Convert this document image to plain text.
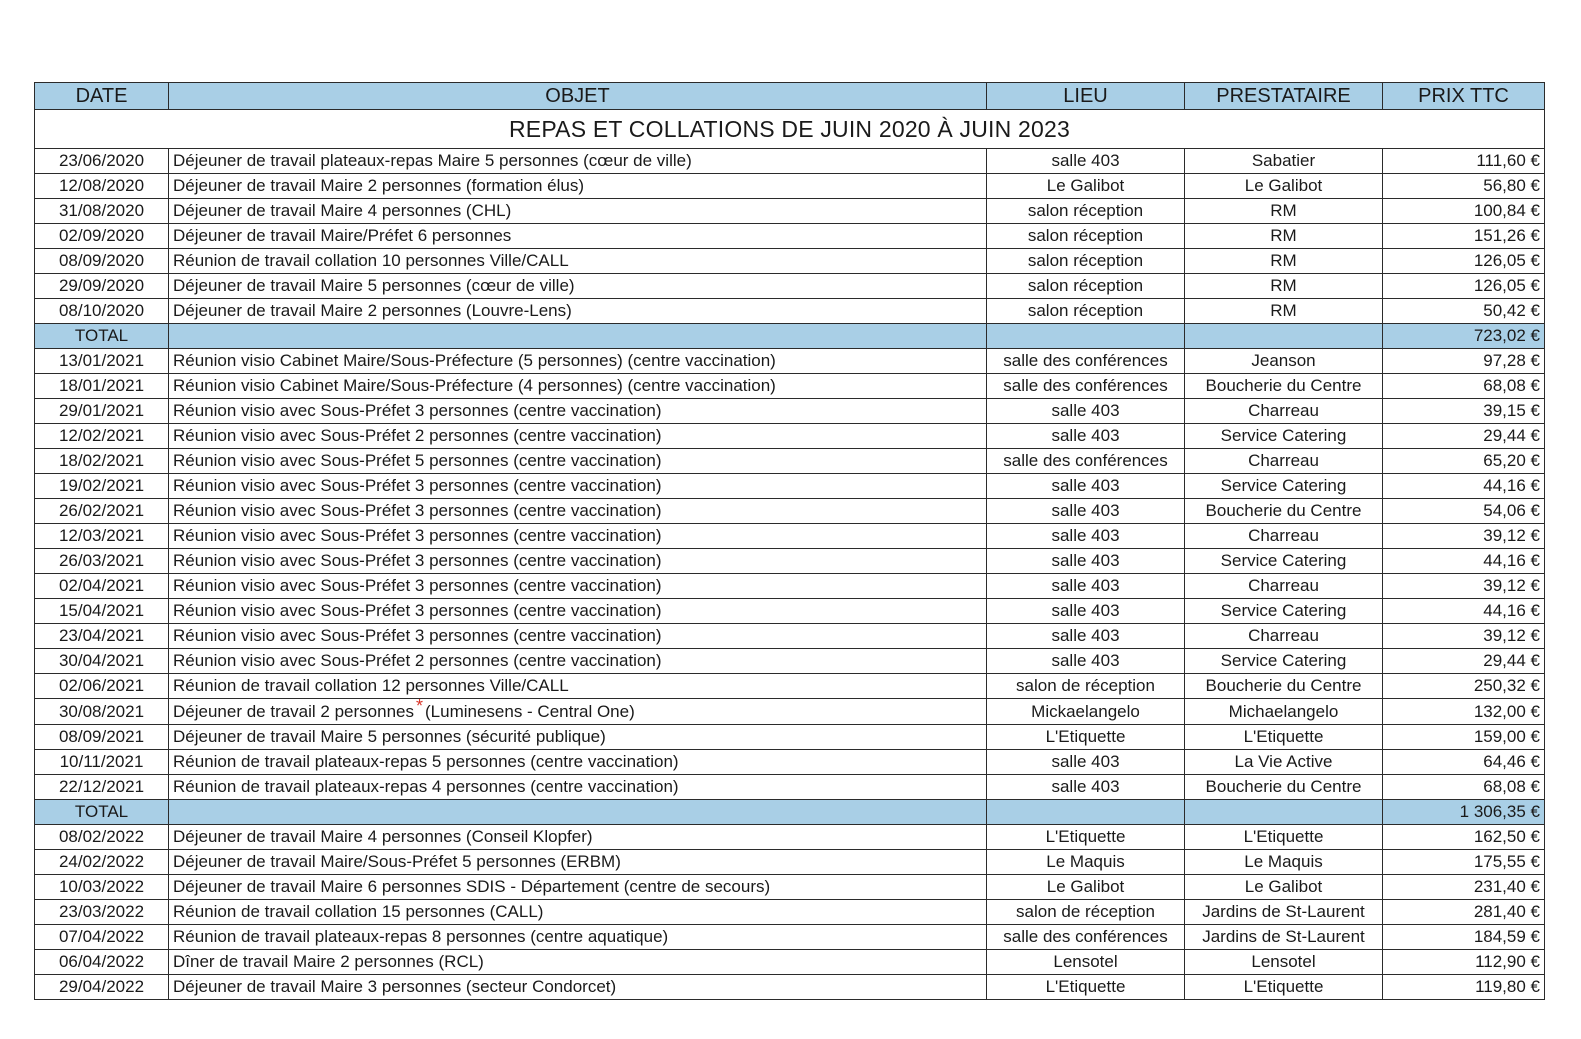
REPAS ET COLLATIONS DE JUIN 2020 À JUIN 2023				
DATE	OBJET	LIEU	PRESTATAIRE	PRIX TTC
23/06/2020	Déjeuner de travail plateaux-repas Maire 5 personnes (cœur de ville)	salle 403	Sabatier	111,60 €
12/08/2020	Déjeuner de travail Maire 2 personnes (formation élus)	Le Galibot	Le Galibot	56,80 €
31/08/2020	Déjeuner de travail Maire 4 personnes (CHL)	salon réception	RM	100,84 €
02/09/2020	Déjeuner de travail Maire/Préfet 6 personnes	salon réception	RM	151,26 €
08/09/2020	Réunion de travail collation 10 personnes Ville/CALL	salon réception	RM	126,05 €
29/09/2020	Déjeuner de travail Maire 5 personnes (cœur de ville)	salon réception	RM	126,05 €
08/10/2020	Déjeuner de travail Maire 2 personnes (Louvre-Lens)	salon réception	RM	50,42 €
TOTAL				723,02 €
13/01/2021	Réunion visio Cabinet Maire/Sous-Préfecture (5 personnes) (centre vaccination)	salle des conférences	Jeanson	97,28 €
18/01/2021	Réunion visio Cabinet Maire/Sous-Préfecture (4 personnes) (centre vaccination)	salle des conférences	Boucherie du Centre	68,08 €
29/01/2021	Réunion visio avec Sous-Préfet 3 personnes (centre vaccination)	salle 403	Charreau	39,15 €
12/02/2021	Réunion visio avec Sous-Préfet 2 personnes (centre vaccination)	salle 403	Service Catering	29,44 €
18/02/2021	Réunion visio avec Sous-Préfet 5 personnes (centre vaccination)	salle des conférences	Charreau	65,20 €
19/02/2021	Réunion visio avec Sous-Préfet 3 personnes (centre vaccination)	salle 403	Service Catering	44,16 €
26/02/2021	Réunion visio avec Sous-Préfet 3 personnes (centre vaccination)	salle 403	Boucherie du Centre	54,06 €
12/03/2021	Réunion visio avec Sous-Préfet 3 personnes (centre vaccination)	salle 403	Charreau	39,12 €
26/03/2021	Réunion visio avec Sous-Préfet 3 personnes (centre vaccination)	salle 403	Service Catering	44,16 €
02/04/2021	Réunion visio avec Sous-Préfet 3 personnes (centre vaccination)	salle 403	Charreau	39,12 €
15/04/2021	Réunion visio avec Sous-Préfet 3 personnes (centre vaccination)	salle 403	Service Catering	44,16 €
23/04/2021	Réunion visio avec Sous-Préfet 3 personnes (centre vaccination)	salle 403	Charreau	39,12 €
30/04/2021	Réunion visio avec Sous-Préfet 2 personnes (centre vaccination)	salle 403	Service Catering	29,44 €
02/06/2021	Réunion de travail collation 12 personnes Ville/CALL	salon de réception	Boucherie du Centre	250,32 €
30/08/2021	Déjeuner de travail 2 personnes * (Luminesens - Central One)	Mickaelangelo	Michaelangelo	132,00 €
08/09/2021	Déjeuner de travail Maire 5 personnes (sécurité publique)	L'Etiquette	L'Etiquette	159,00 €
10/11/2021	Réunion de travail plateaux-repas 5 personnes (centre vaccination)	salle 403	La Vie Active	64,46 €
22/12/2021	Réunion de travail plateaux-repas 4 personnes (centre vaccination)	salle 403	Boucherie du Centre	68,08 €
TOTAL				1 306,35 €
08/02/2022	Déjeuner de travail Maire 4 personnes (Conseil Klopfer)	L'Etiquette	L'Etiquette	162,50 €
24/02/2022	Déjeuner de travail Maire/Sous-Préfet 5 personnes (ERBM)	Le Maquis	Le Maquis	175,55 €
10/03/2022	Déjeuner de travail Maire 6 personnes SDIS - Département (centre de secours)	Le Galibot	Le Galibot	231,40 €
23/03/2022	Réunion de travail collation 15 personnes (CALL)	salon de réception	Jardins de St-Laurent	281,40 €
07/04/2022	Réunion de travail plateaux-repas 8 personnes (centre aquatique)	salle des conférences	Jardins de St-Laurent	184,59 €
06/04/2022	Dîner de travail Maire 2 personnes (RCL)	Lensotel	Lensotel	112,90 €
29/04/2022	Déjeuner de travail Maire 3 personnes (secteur Condorcet)	L'Etiquette	L'Etiquette	119,80 €
